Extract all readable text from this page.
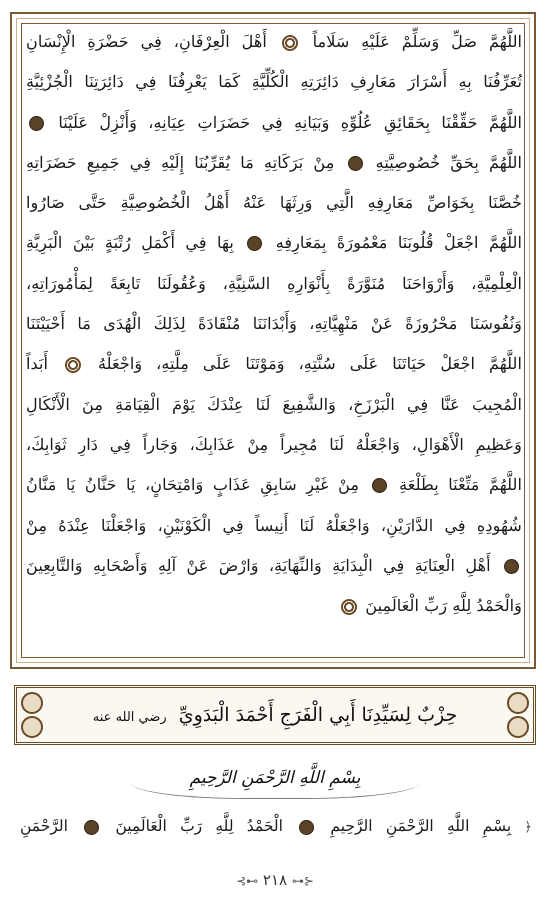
اللَّهُمَّ صَلِّ وَسَلِّمْ عَلَيْهِ سَلَاماً  أَهْلَ الْعِرْفَانِ، فِي حَضْرَةِ الْإِنْسَانِ
تُعَرِّفُنَا بِهِ أَسْرَارَ مَعَارِفِ دَائِرَتِهِ الْكُلِّيَّةِ كَمَا يَعْرِفُنَا فِي دَائِرَتِنَا الْجُزْئِيَّةِ
اللَّهُمَّ حَقِّقْنَا بِحَقَائِقِ عُلُوِّهِ وَبَيَانِهِ فِي حَضَرَاتِ عِيَانِهِ، وَأَنْزِلْ عَلَيْنَا
اللَّهُمَّ بِحَقِّ خُصُوصِيَّتِهِ  مِنْ بَرَكَاتِهِ مَا يُقَرِّبُنَا إِلَيْهِ فِي جَمِيعِ حَضَرَاتِهِ
خُصَّنَا بِخَوَاصِّ مَعَارِفِهِ الَّتِي وَرِثَهَا عَنْهُ أَهْلُ الْخُصُوصِيَّةِ حَتَّى صَارُوا
اللَّهُمَّ اجْعَلْ قُلُوبَنَا مَعْمُورَةً بِمَعَارِفِهِ  بِهَا فِي أَكْمَلِ رُتْبَةٍ بَيْنَ الْبَرِيَّةِ
الْعِلْمِيَّةِ، وَأَرْوَاحَنَا مُنَوَّرَةً بِأَنْوَارِهِ السَّنِيَّةِ، وَعُقُولَنَا تَابِعَةً لِمَأْمُورَاتِهِ،
وَنُفُوسَنَا مَحْرُوزَةً عَنْ مَنْهِيَّاتِهِ، وَأَبْدَانَنَا مُنْقَادَةً لِذَلِكَ الْهُدَى مَا أَحْيَيْتَنَا
اللَّهُمَّ اجْعَلْ حَيَاتَنَا عَلَى سُنَّتِهِ، وَمَوْتَنَا عَلَى مِلَّتِهِ، وَاجْعَلْهُ  أَبَداً
الْمُجِيبَ عَنَّا فِي الْبَرْزَخِ، وَالشَّفِيعَ لَنَا عِنْدَكَ يَوْمَ الْقِيَامَةِ مِنَ الْأَنْكَالِ
وَعَظِيمِ الْأَهْوَالِ، وَاجْعَلْهُ لَنَا مُجِيراً مِنْ عَذَابِكَ، وَجَاراً فِي دَارِ ثَوَابِكَ،
اللَّهُمَّ مَتِّعْنَا بِطَلْعَةِ  مِنْ غَيْرِ سَابِقِ عَذَابٍ وَامْتِحَانٍ، يَا حَنَّانُ يَا مَنَّانُ
شُهُودِهِ فِي الدَّارَيْنِ، وَاجْعَلْهُ لَنَا أَنِيساً فِي الْكَوْنَيْنِ، وَاجْعَلْنَا عِنْدَهُ مِنْ
أَهْلِ الْعِنَايَةِ فِي الْبِدَايَةِ وَالنِّهَايَةِ، وَارْضَ عَنْ آلِهِ وَأَصْحَابِهِ وَالتَّابِعِينَ
وَالْحَمْدُ لِلَّهِ رَبِّ الْعَالَمِينَ
حِزْبٌ لِسَيِّدِنَا أَبِي الْفَرَجِ أَحْمَدَ الْبَدَوِيِّ رضي الله عنه
بِسْمِ اللَّهِ الرَّحْمَنِ الرَّحِيمِ
﴿ بِسْمِ اللَّهِ الرَّحْمَنِ الرَّحِيمِ  الْحَمْدُ لِلَّهِ رَبِّ الْعَالَمِينَ  الرَّحْمَنِ
⊰⊷ ٢١٨ ⊶⊱
